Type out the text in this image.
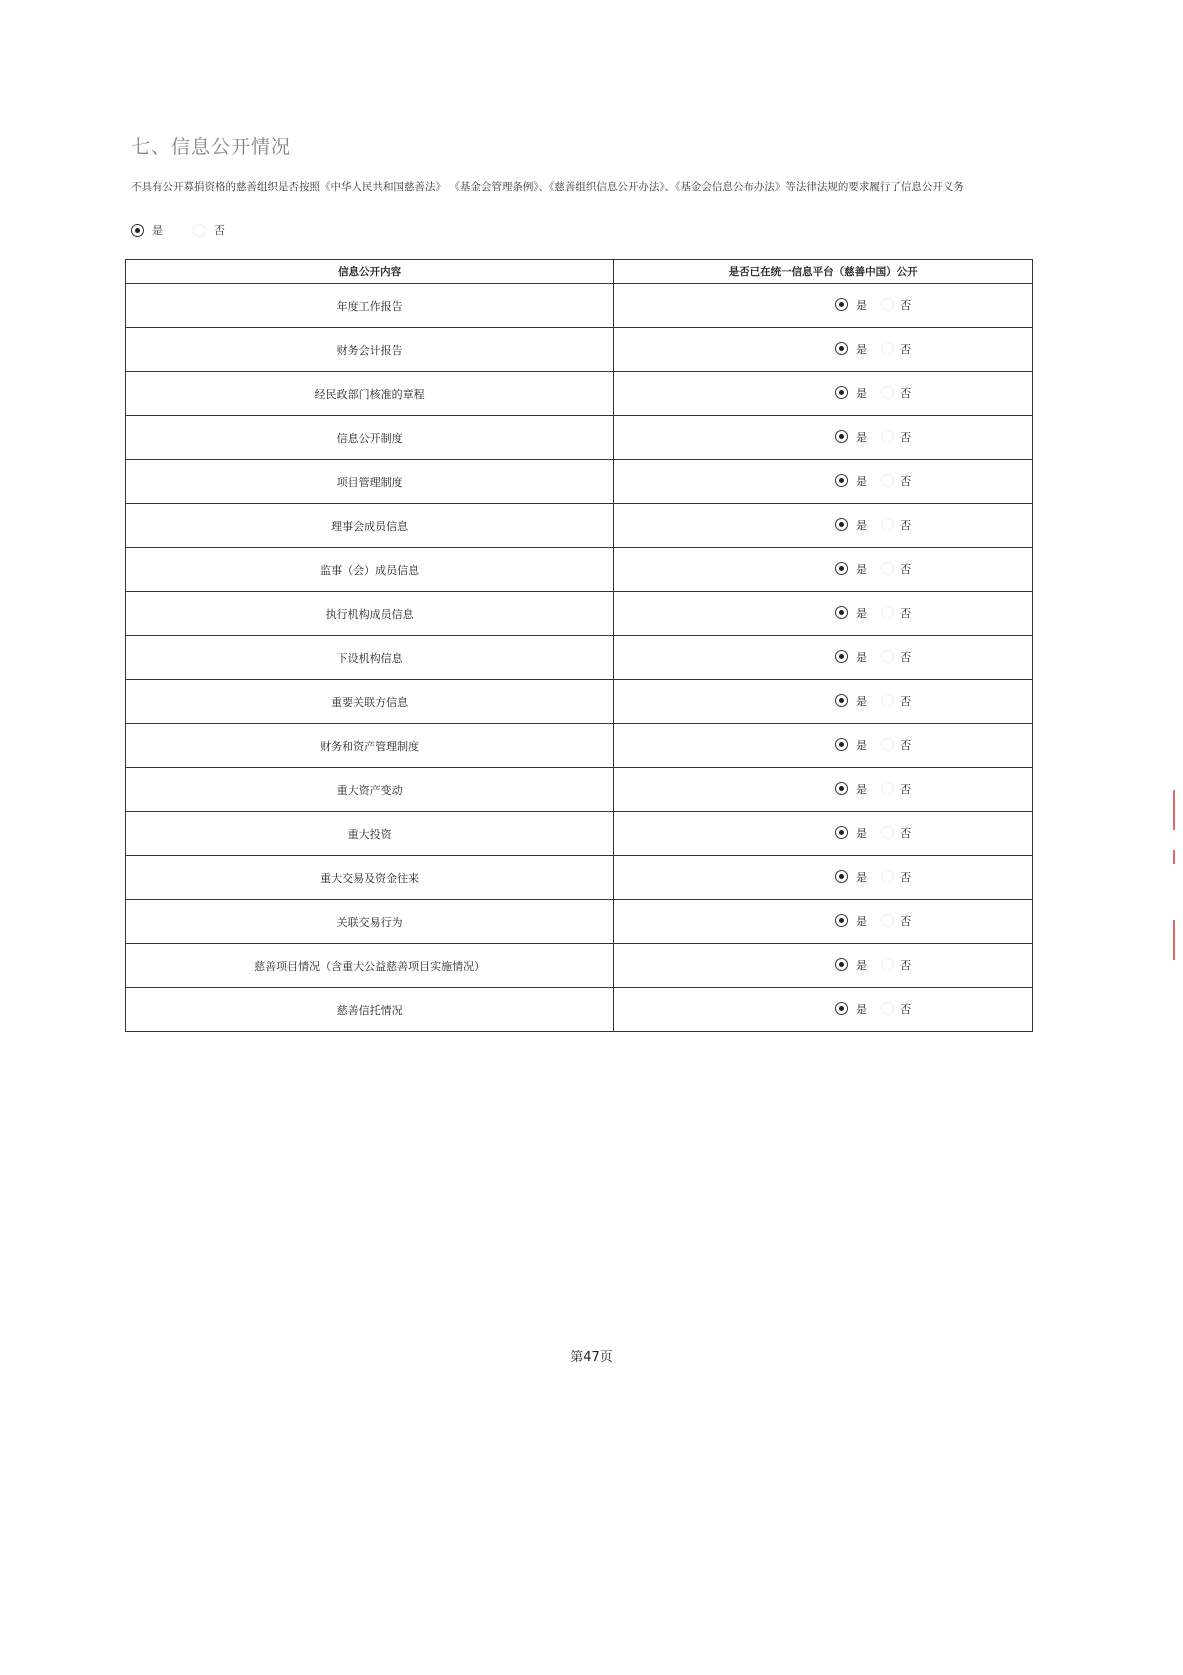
七、信息公开情况
不具有公开募捐资格的慈善组织是否按照《中华人民共和国慈善法》 《基金会管理条例》、《慈善组织信息公开办法》、《基金会信息公布办法》等法律法规的要求履行了信息公开义务
是	否
信息公开内容	是否已在统一信息平台（慈善中国）公开
年度工作报告	是 否

财务会计报告	是 否

经民政部门核准的章程	是 否

信息公开制度	是 否

项目管理制度	是 否

理事会成员信息	是 否

监事（会）成员信息	是 否

执行机构成员信息	是 否

下设机构信息	是 否

重要关联方信息	是 否

财务和资产管理制度	是 否

重大资产变动	是 否

重大投资	是 否

重大交易及资金往来	是 否

关联交易行为	是 否

慈善项目情况（含重大公益慈善项目实施情况）	是 否

慈善信托情况	是 否
第47页
